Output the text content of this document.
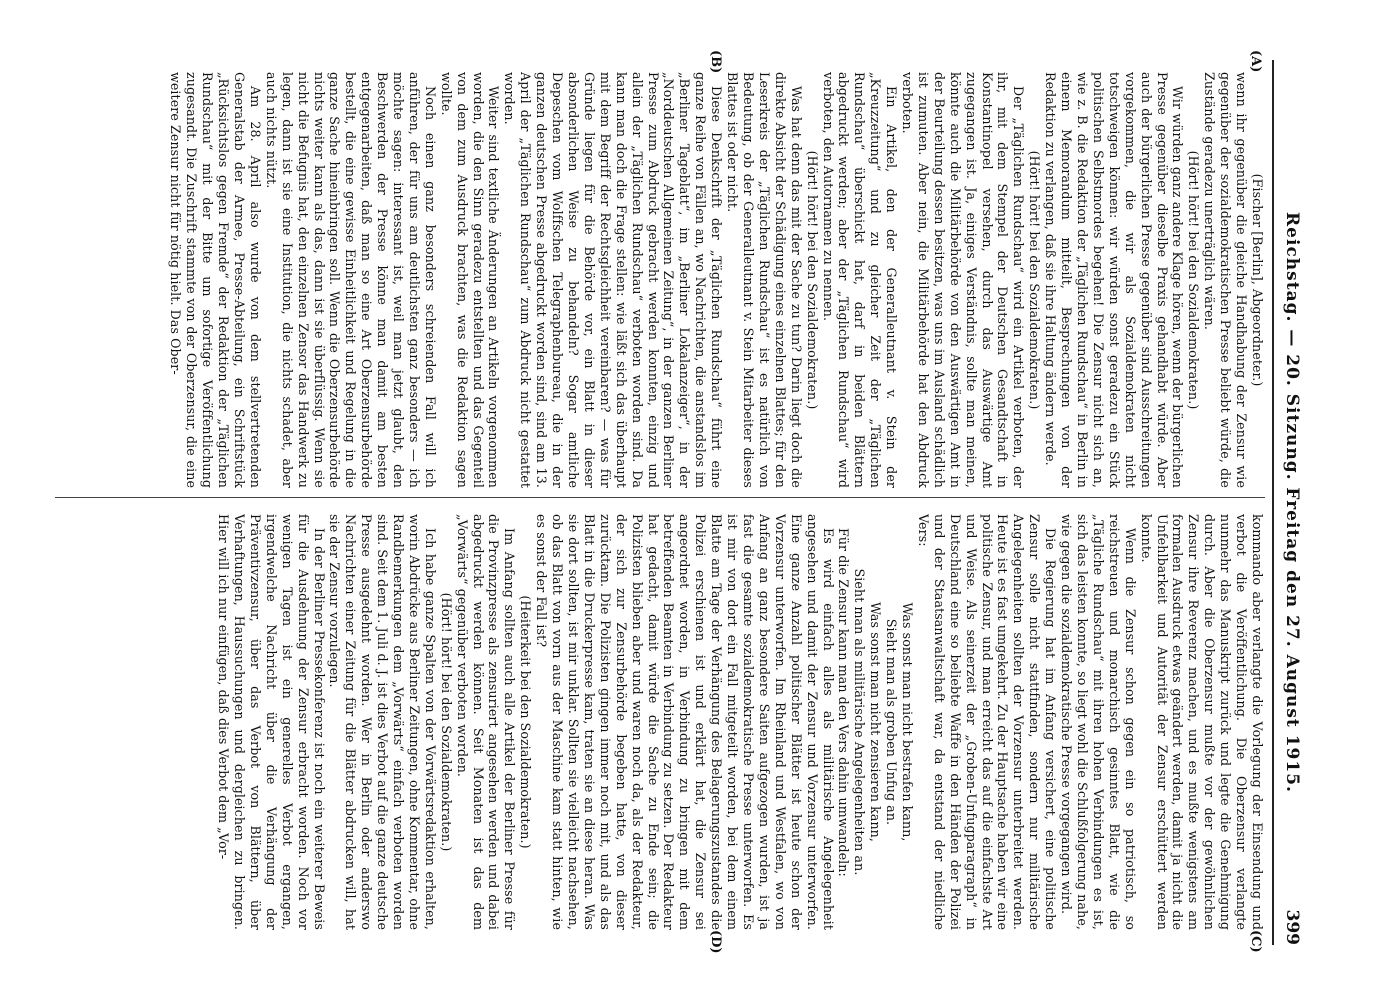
399
Reichstag. — 20. Sitzung. Freitag den 27. August 1915.
(A)
(B)
(C)
(D)

(Fischer [Berlin], Abgeordneter.)

wenn ihr gegenüber die gleiche Handhabung der Zensur wie gegenüber der sozialdemokratischen Presse beliebt würde, die Zustände geradezu unerträglich wären.

(Hört! hört! bei den Sozialdemokraten.)

Wir würden ganz andere Klage hören, wenn der bürgerlichen Presse gegenüber dieselbe Praxis gehandhabt würde. Aber auch der bürgerlichen Presse gegenüber sind Ausschreitungen vorgekommen, die wir als Sozialdemokraten nicht totschweigen können: wir würden sonst geradezu ein Stück politischen Selbstmordes begehen! Die Zensur nicht sich an, wie z. B. die Redaktion der „Täglichen Rundschau“ in Berlin in einem Memorandum mitteilt, Besprechungen von der Redaktion zu verlangen, daß sie ihre Haltung ändern werde.

(Hört! hört! bei den Sozialdemokraten.)

Der „Täglichen Rundschau“ wird ein Artikel verboten, der ihr, mit dem Stempel der Deutschen Gesandtschaft in Konstantinopel versehen, durch das Auswärtige Amt zugegangen ist. Ja, einiges Verständnis, sollte man meinen, könnte auch die Militärbehörde von den Auswärtigen Amt in der Beurteilung dessen besitzen, was uns im Ausland schädlich ist zumuten. Aber nein, die Militärbehörde hat den Abdruck verboten.

Ein Artikel, den der Generalleutnant v. Stein der „Kreuzzeitung“ und zu gleicher Zeit der „Täglichen Rundschau“ überschickt hat, darf in beiden Blättern abgedruckt werden; aber der „Täglichen Rundschau“ wird verboten, den Autornamen zu nennen.

(Hört! hört! bei den Sozialdemokraten.)

Was hat denn das mit der Sache zu tun? Darin liegt doch die direkte Absicht der Schädigung eines einzelnen Blattes; für den Leserkreis der „Täglichen Rundschau“ ist es natürlich von Bedeutung, ob der Generalleutnant v. Stein Mitarbeiter dieses Blattes ist oder nicht.

Diese Denkschrift der „Täglichen Rundschau“ führt eine ganze Reihe von Fällen an, wo Nachrichten, die anstandslos im „Berliner Tageblatt“, im „Berliner Lokalanzeiger“, in der „Norddeutschen Allgemeinen Zeitung“, in der ganzen Berliner Presse zum Abdruck gebracht werden konnten, einzig und allein der „Täglichen Rundschau“ verboten worden sind. Da kann man doch die Frage stellen: wie läßt sich das überhaupt mit dem Begriff der Rechtsgleichheit vereinbaren? — was für Gründe liegen für die Behörde vor, ein Blatt in dieser absonderlichen Weise zu behandeln? Sogar amtliche Depeschen vom Wolffschen Telegraphenbureau, die in der ganzen deutschen Presse abgedruckt worden sind, sind am 13. April der „Täglichen Rundschau“ zum Abdruck nicht gestattet worden.

Weiter sind textliche Änderungen an Artikeln vorgenommen worden, die den Sinn geradezu entstellten und das Gegenteil von dem zum Ausdruck brachten, was die Redaktion sagen wollte.

Noch einen ganz besonders schreienden Fall will ich anführen, der für uns am deutlichsten ganz besonders — ich möchte sagen: interessant ist, weil man jetzt glaubt, den Beschwerden der Presse könne man damit am besten entgegenarbeiten, daß man so eine Art Oberzensurbehörde bestellt, die eine gewisse Einheitlichkeit und Regelung in die ganze Sache hineinbringen soll. Wenn die Oberzensurbehörde nichts weiter kann als das, dann ist sie überflüssig. Wenn sie nicht die Befugnis hat, den einzelnen Zensor das Handwerk zu legen, dann ist sie eine Institution, die nichts schadet, aber auch nichts nützt.

Am 28. April also wurde von dem stellvertretenden Generalstab der Armee, Presse-Abteilung, ein Schriftstück „Rücksichtslos gegen Fremde“ der Redaktion der „Täglichen Rundschau“ mit der Bitte um sofortige Veröffentlichung zugesandt. Die Zuschrift stammte von der Oberzensur, die eine weitere Zensur nicht für nötig hielt. Das Ober-

kommando aber verlangte die Vorlegung der Einsendung und verbot die Veröffentlichung. Die Oberzensur verlangte nunmehr das Manuskript zurück und legte die Genehmigung durch. Aber die Oberzensur mußte vor der gewöhnlichen Zensur ihre Reverenz machen, und es mußte wenigstens am formalen Ausdruck etwas geändert werden, damit ja nicht die Unfehlbarkeit und Autorität der Zensur erschüttert werden konnte.

Wenn die Zensur schon gegen ein so patriotisch, so reichstreuen und monarchisch gesinntes Blatt, wie die „Tägliche Rundschau“ mit ihren hohen Verbindungen es ist, sich das leisten konnte, so liegt wohl die Schlußfolgerung nahe, wie gegen die sozialdemokratische Presse vorgegangen wird.

Die Regierung hat im Anfang versichert, eine politische Zensur solle nicht stattfinden, sondern nur militärische Angelegenheiten sollten der Vorzensur unterbreitet werden. Heute ist es fast umgekehrt. Zu der Hauptsache haben wir eine politische Zensur, und man erreicht das auf die einfachste Art und Weise. Als seinerzeit der „Groben-Unfugparagraph“ in Deutschland eine so beliebte Waffe in den Händen der Polizei und der Staatsanwaltschaft war, da entstand der niedliche Vers:

Was sonst man nicht bestrafen kann,

Sieht man als groben Unfug an.

Was sonst man nicht zensieren kann,

Sieht man als militärische Angelegenheiten an.

Für die Zensur kann man den Vers dahin umwandeln:

Es wird einfach alles als militärische Angelegenheit angesehen und damit der Zensur und Vorzensur unterworfen. Eine ganze Anzahl politischer Blätter ist heute schon der Vorzensur unterworfen. Im Rheinland und Westfalen, wo von Anfang an ganz besondere Saiten aufgezogen wurden, ist ja fast die gesamte sozialdemokratische Presse unterworfen. Es ist mir von dort ein Fall mitgeteilt worden, bei dem einem Blatte am Tage der Verhängung des Belagerungszustandes die Polizei erschienen ist und erklärt hat, die Zensur sei angeordnet worden, in Verbindung zu bringen mit dem betreffenden Beamten in Verbindung zu setzen. Der Redakteur hat gedacht, damit würde die Sache zu Ende sein; die Polizisten blieben aber und waren noch da, als der Redakteur, der sich zur Zensurbehörde begeben hatte, von dieser zurücktam. Die Polizisten gingen immer noch mit, und als das Blatt in die Druckerpresse kam, traten sie an diese heran. Was sie dort sollten, ist mir unklar. Sollten sie vielleicht nachsehen, ob das Blatt von vorn aus der Maschine kam statt hinten, wie es sonst der Fall ist?

(Heiterkeit bei den Sozialdemokraten.)

Im Anfang sollten auch alle Artikel der Berliner Presse für die Provinzpresse als zensuriert angesehen werden und dabei abgedruckt werden können. Seit Monaten ist das dem „Vorwärts“ gegenüber verboten worden.

(Hört! hört! bei den Sozialdemokraten.)

Ich habe ganze Spalten von der Vorwärtsredaktion erhalten, worin Abdrücke aus Berliner Zeitungen, ohne Kommentar, ohne Randbemerkungen dem „Vorwärts“ einfach verboten worden sind. Seit dem 1. Juli d. J. ist dies Verbot auf die ganze deutsche Presse ausgedehnt worden. Wer in Berlin oder anderswo Nachrichten einer Zeitung für die Blätter abdrucken will, hat sie der Zensur vorzulegen.

In der Berliner Pressekonferenz ist noch ein weiterer Beweis für die Ausdehnung der Zensur erbracht worden. Noch vor wenigen Tagen ist ein generelles Verbot ergangen, irgendwelche Nachricht über die Verhängung der Präventivzensur, über das Verbot von Blättern, über Verhaftungen, Haussuchungen und dergleichen zu bringen. Hier will ich nur einfügen, daß dies Verbot dem „Vor-
